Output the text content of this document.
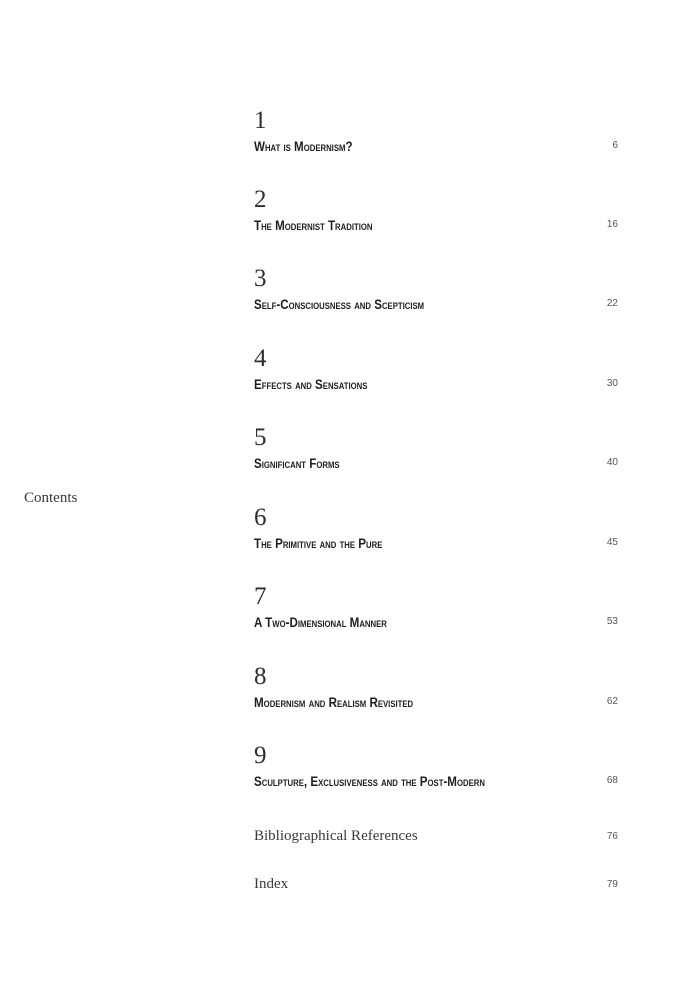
Contents
1
What is Modernism?	6
2
The Modernist Tradition	16
3
Self-Consciousness and Scepticism	22
4
Effects and Sensations	30
5
Significant Forms	40
6
The Primitive and the Pure	45
7
A Two-Dimensional Manner	53
8
Modernism and Realism Revisited	62
9
Sculpture, Exclusiveness and the Post-Modern	68
Bibliographical References	76
Index	79
